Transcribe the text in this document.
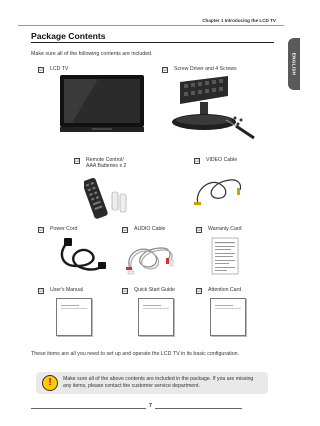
Chapter 1 Introducing the LCD TV
ENGLISH
Package Contents
Make sure all of the following contents are included.
☑ LCD TV	☑ Screw Driver and 4 Screws
☑ Remote Control/
AAA Batteries x 2
☑ VIDEO Cable
☑ Power Cord	☑ AUDIO Cable	☑ Warranty Card
☑ User's Manual	☑ Quick Start Guide	☑ Attention Card
These items are all you need to set up and operate the LCD TV in its basic configuration.
!	Make sure all of the above contents are included in the package. If you are missing any items, please contact the customer service department.
7
